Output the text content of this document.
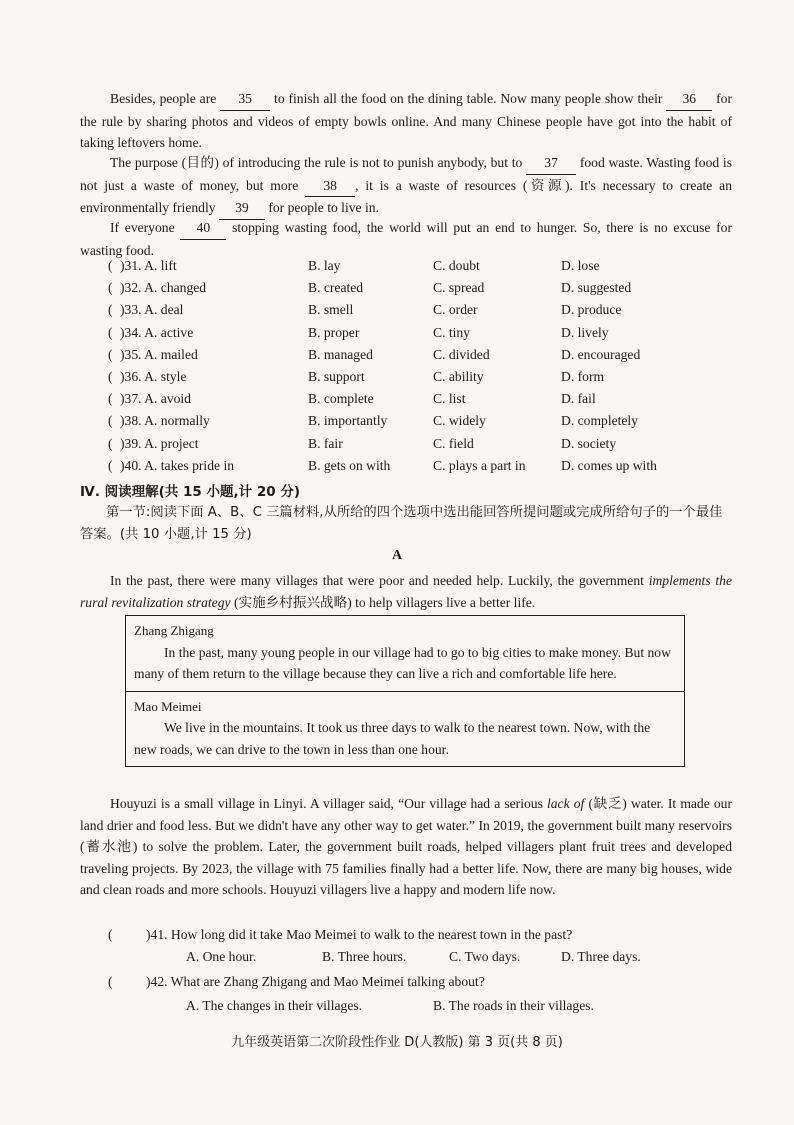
Besides, people are 35 to finish all the food on the dining table. Now many people show their 36 for the rule by sharing photos and videos of empty bowls online. And many Chinese people have got into the habit of taking leftovers home.
The purpose (目的) of introducing the rule is not to punish anybody, but to 37 food waste. Wasting food is not just a waste of money, but more 38 , it is a waste of resources (资源). It's necessary to create an environmentally friendly 39 for people to live in.
If everyone 40 stopping wasting food, the world will put an end to hunger. So, there is no excuse for wasting food.
( )31. A. lift	B. lay	C. doubt	D. lose
( )32. A. changed	B. created	C. spread	D. suggested
( )33. A. deal	B. smell	C. order	D. produce
( )34. A. active	B. proper	C. tiny	D. lively
( )35. A. mailed	B. managed	C. divided	D. encouraged
( )36. A. style	B. support	C. ability	D. form
( )37. A. avoid	B. complete	C. list	D. fail
( )38. A. normally	B. importantly	C. widely	D. completely
( )39. A. project	B. fair	C. field	D. society
( )40. A. takes pride in	B. gets on with	C. plays a part in	D. comes up with
Ⅳ. 阅读理解(共 15 小题,计 20 分)
第一节:阅读下面 A、B、C 三篇材料,从所给的四个选项中选出能回答所提问题或完成所给句子的一个最佳答案。(共 10 小题,计 15 分)
A
In the past, there were many villages that were poor and needed help. Luckily, the government implements the rural revitalization strategy (实施乡村振兴战略) to help villagers live a better life.
Zhang Zhigang
In the past, many young people in our village had to go to big cities to make money. But now many of them return to the village because they can live a rich and comfortable life here.
Mao Meimei
We live in the mountains. It took us three days to walk to the nearest town. Now, with the new roads, we can drive to the town in less than one hour.
Houyuzi is a small village in Linyi. A villager said, “Our village had a serious lack of (缺乏) water. It made our land drier and food less. But we didn't have any other way to get water.” In 2019, the government built many reservoirs (蓄水池) to solve the problem. Later, the government built roads, helped villagers plant fruit trees and developed traveling projects. By 2023, the village with 75 families finally had a better life. Now, there are many big houses, wide and clean roads and more schools. Houyuzi villagers live a happy and modern life now.
( )41. How long did it take Mao Meimei to walk to the nearest town in the past?
A. One hour.	B. Three hours.	C. Two days.	D. Three days.
( )42. What are Zhang Zhigang and Mao Meimei talking about?
A. The changes in their villages.	B. The roads in their villages.
九年级英语第二次阶段性作业 D(人教版) 第 3 页(共 8 页)
